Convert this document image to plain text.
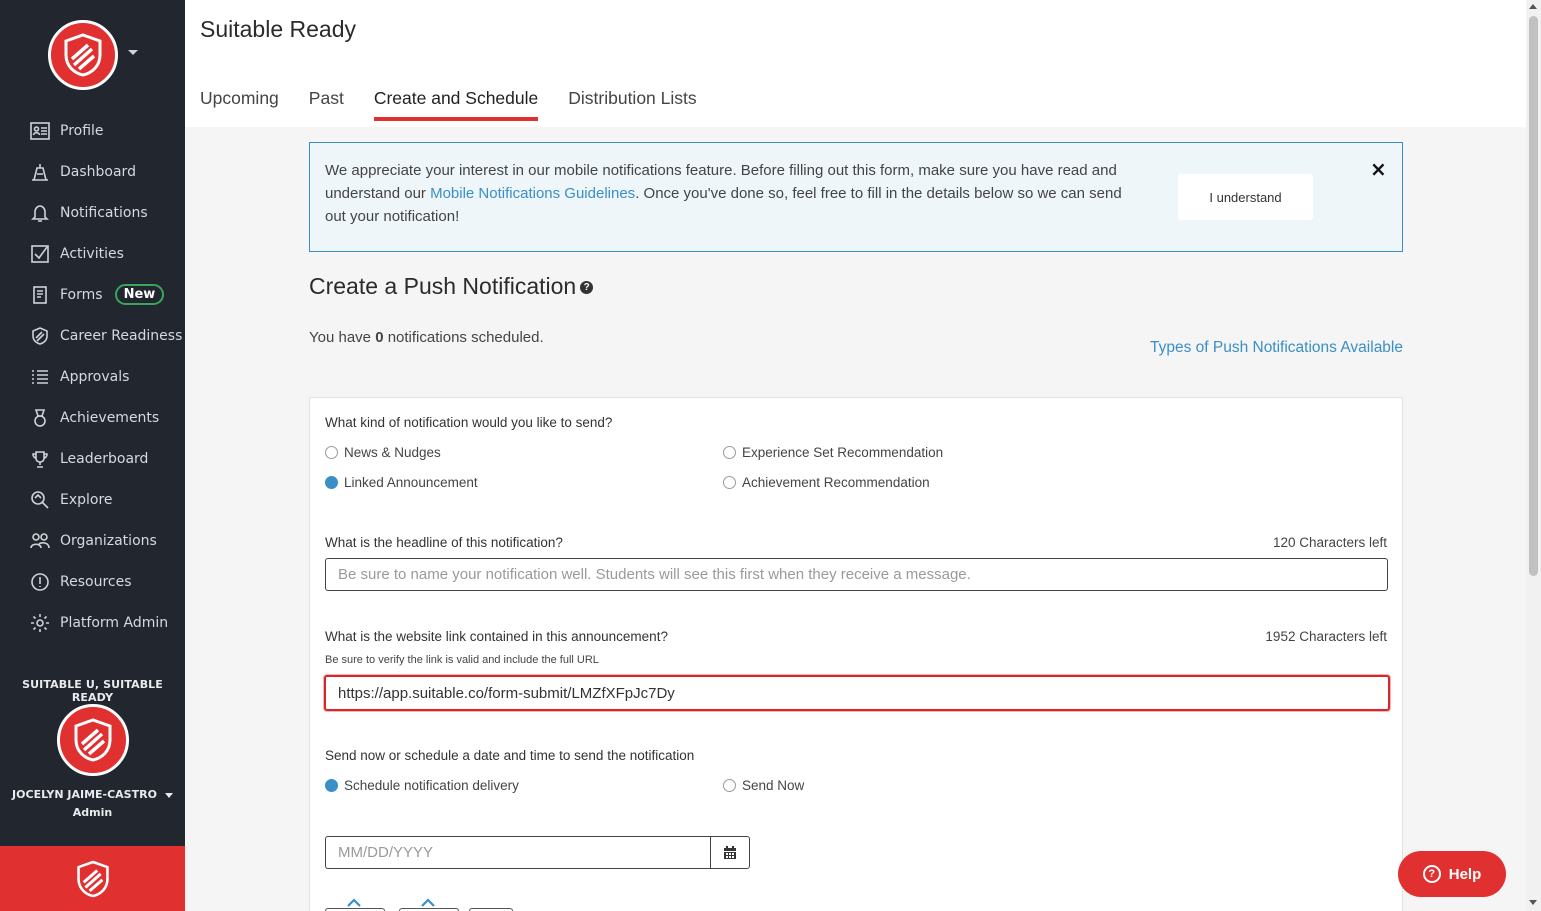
Profile
Dashboard
Notifications
Activities
Forms	New
Career Readiness
Approvals
Achievements
Leaderboard
Explore
Organizations
Resources
Platform Admin
SUITABLE U, SUITABLE READY
JOCELYN JAIME-CASTRO
Admin
Suitable Ready
Upcoming Past Create and Schedule Distribution Lists
We appreciate your interest in our mobile notifications feature. Before filling out this form, make sure you have read and understand our Mobile Notifications Guidelines. Once you've done so, feel free to fill in the details below so we can send out your notification!
I understand
×
Create a Push Notification ?
You have 0 notifications scheduled.
Types of Push Notifications Available
What kind of notification would you like to send?
News & Nudges	Experience Set Recommendation
Linked Announcement	Achievement Recommendation
What is the headline of this notification?	120 Characters left
Be sure to name your notification well. Students will see this first when they receive a message.
What is the website link contained in this announcement?	1952 Characters left
Be sure to verify the link is valid and include the full URL
https://app.suitable.co/form-submit/LMZfXFpJc7Dy
Send now or schedule a date and time to send the notification
Schedule notification delivery	Send Now
MM/DD/YYYY
? Help
